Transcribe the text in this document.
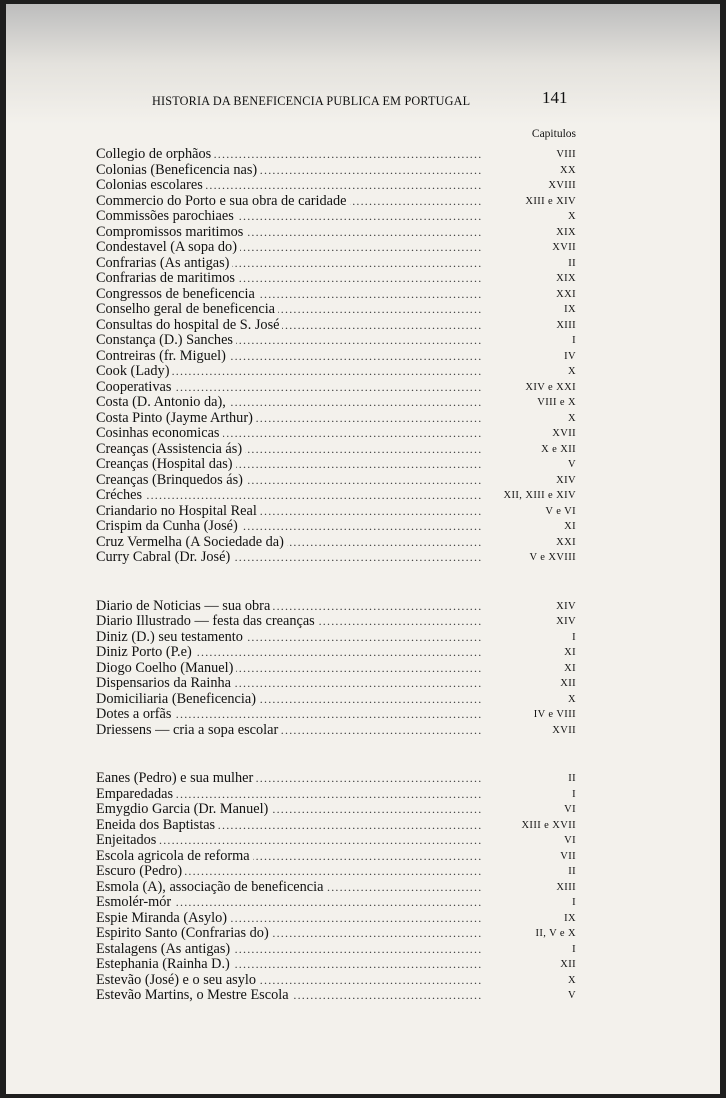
HISTORIA DA BENEFICENCIA PUBLICA EM PORTUGAL	141
Capitulos
.....
Collegio de orphãos	VIII
.....
Colonias (Beneficencia nas)	XX
.....
Colonias escolares	XVIII
.....
Commercio do Porto e sua obra de caridade	XIII e XIV
.....
Commissões parochiaes	X
.....
Compromissos maritimos	XIX
.....
Condestavel (A sopa do)	XVII
.....
Confrarias (As antigas)	II
.....
Confrarias de maritimos	XIX
.....
Congressos de beneficencia	XXI
.....
Conselho geral de beneficencia	IX
.....
Consultas do hospital de S. José	XIII
.....
Constança (D.) Sanches	I
.....
Contreiras (fr. Miguel)	IV
.....
Cook (Lady)	X
.....
Cooperativas	XIV e XXI
.....
Costa (D. Antonio da),	VIII e X
.....
Costa Pinto (Jayme Arthur)	X
.....
Cosinhas economicas	XVII
.....
Creanças (Assistencia ás)	X e XII
.....
Creanças (Hospital das)	V
.....
Creanças (Brinquedos ás)	XIV
.....
Créches	XII, XIII e XIV
.....
Criandario no Hospital Real	V e VI
.....
Crispim da Cunha (José)	XI
.....
Cruz Vermelha (A Sociedade da)	XXI
.....
Curry Cabral (Dr. José)	V e XVIII
.....
Diario de Noticias — sua obra	XIV
.....
Diario Illustrado — festa das creanças	XIV
.....
Diniz (D.) seu testamento	I
.....
Diniz Porto (P.e)	XI
.....
Diogo Coelho (Manuel)	XI
.....
Dispensarios da Rainha	XII
.....
Domiciliaria (Beneficencia)	X
.....
Dotes a orfãs	IV e VIII
.....
Driessens — cria a sopa escolar	XVII
.....
Eanes (Pedro) e sua mulher	II
.....
Emparedadas	I
.....
Emygdio Garcia (Dr. Manuel)	VI
.....
Eneida dos Baptistas	XIII e XVII
.....
Enjeitados	VI
.....
Escola agricola de reforma	VII
.....
Escuro (Pedro)	II
.....
Esmola (A), associação de beneficencia	XIII
.....
Esmolér-mór	I
.....
Espie Miranda (Asylo)	IX
.....
Espirito Santo (Confrarias do)	II, V e X
.....
Estalagens (As antigas)	I
.....
Estephania (Rainha D.)	XII
.....
Estevão (José) e o seu asylo	X
.....
Estevão Martins, o Mestre Escola	V
